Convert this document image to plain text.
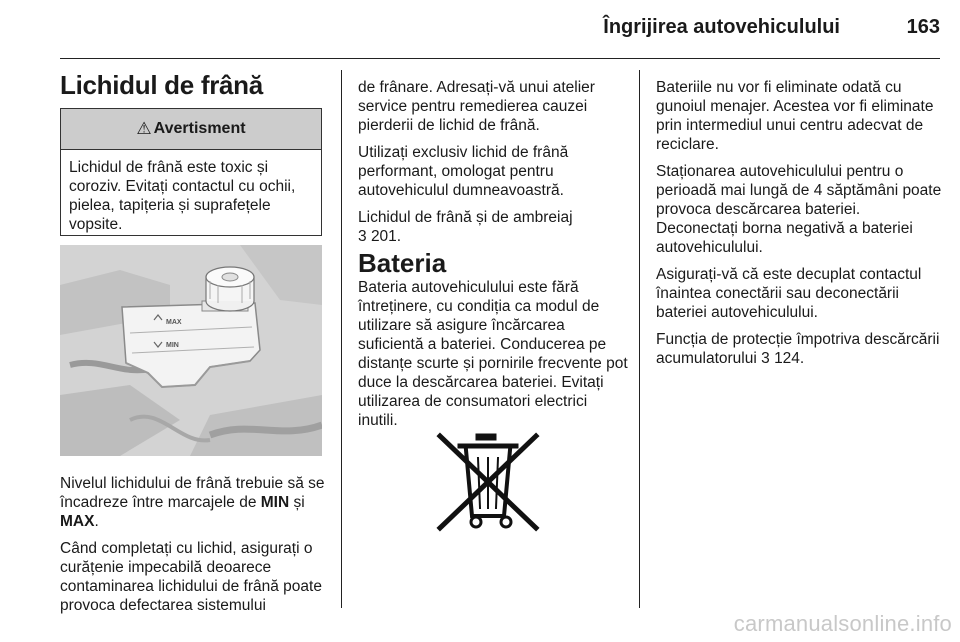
Îngrijirea autovehiculului	163
Lichidul de frână
⚠ Avertisment
Lichidul de frână este toxic și coroziv. Evitați contactul cu ochii, pielea, tapițeria și suprafețele vopsite.
MAX
MIN

Nivelul lichidului de frână trebuie să se încadreze între marcajele de MIN și MAX.

Când completați cu lichid, asigurați o curățenie impecabilă deoarece contaminarea lichidului de frână poate provoca defectarea sistemului

de frânare. Adresați-vă unui atelier service pentru remedierea cauzei pierderii de lichid de frână.

Utilizați exclusiv lichid de frână performant, omologat pentru autovehiculul dumneavoastră.

Lichidul de frână și de ambreiaj
3 201.

Bateria

Bateria autovehiculului este fără întreținere, cu condiția ca modul de utilizare să asigure încărcarea suficientă a bateriei. Conducerea pe distanțe scurte și pornirile frecvente pot duce la descărcarea bateriei. Evitați utilizarea de consumatori electrici inutili.

Bateriile nu vor fi eliminate odată cu gunoiul menajer. Acestea vor fi eliminate prin intermediul unui centru adecvat de reciclare.

Staționarea autovehiculului pentru o perioadă mai lungă de 4 săptămâni poate provoca descărcarea bateriei. Deconectați borna negativă a bateriei autovehiculului.

Asigurați-vă că este decuplat contactul înaintea conectării sau deconectării bateriei autovehiculului.

Funcția de protecție împotriva descărcării acumulatorului 3 124.

carmanualsonline.info
